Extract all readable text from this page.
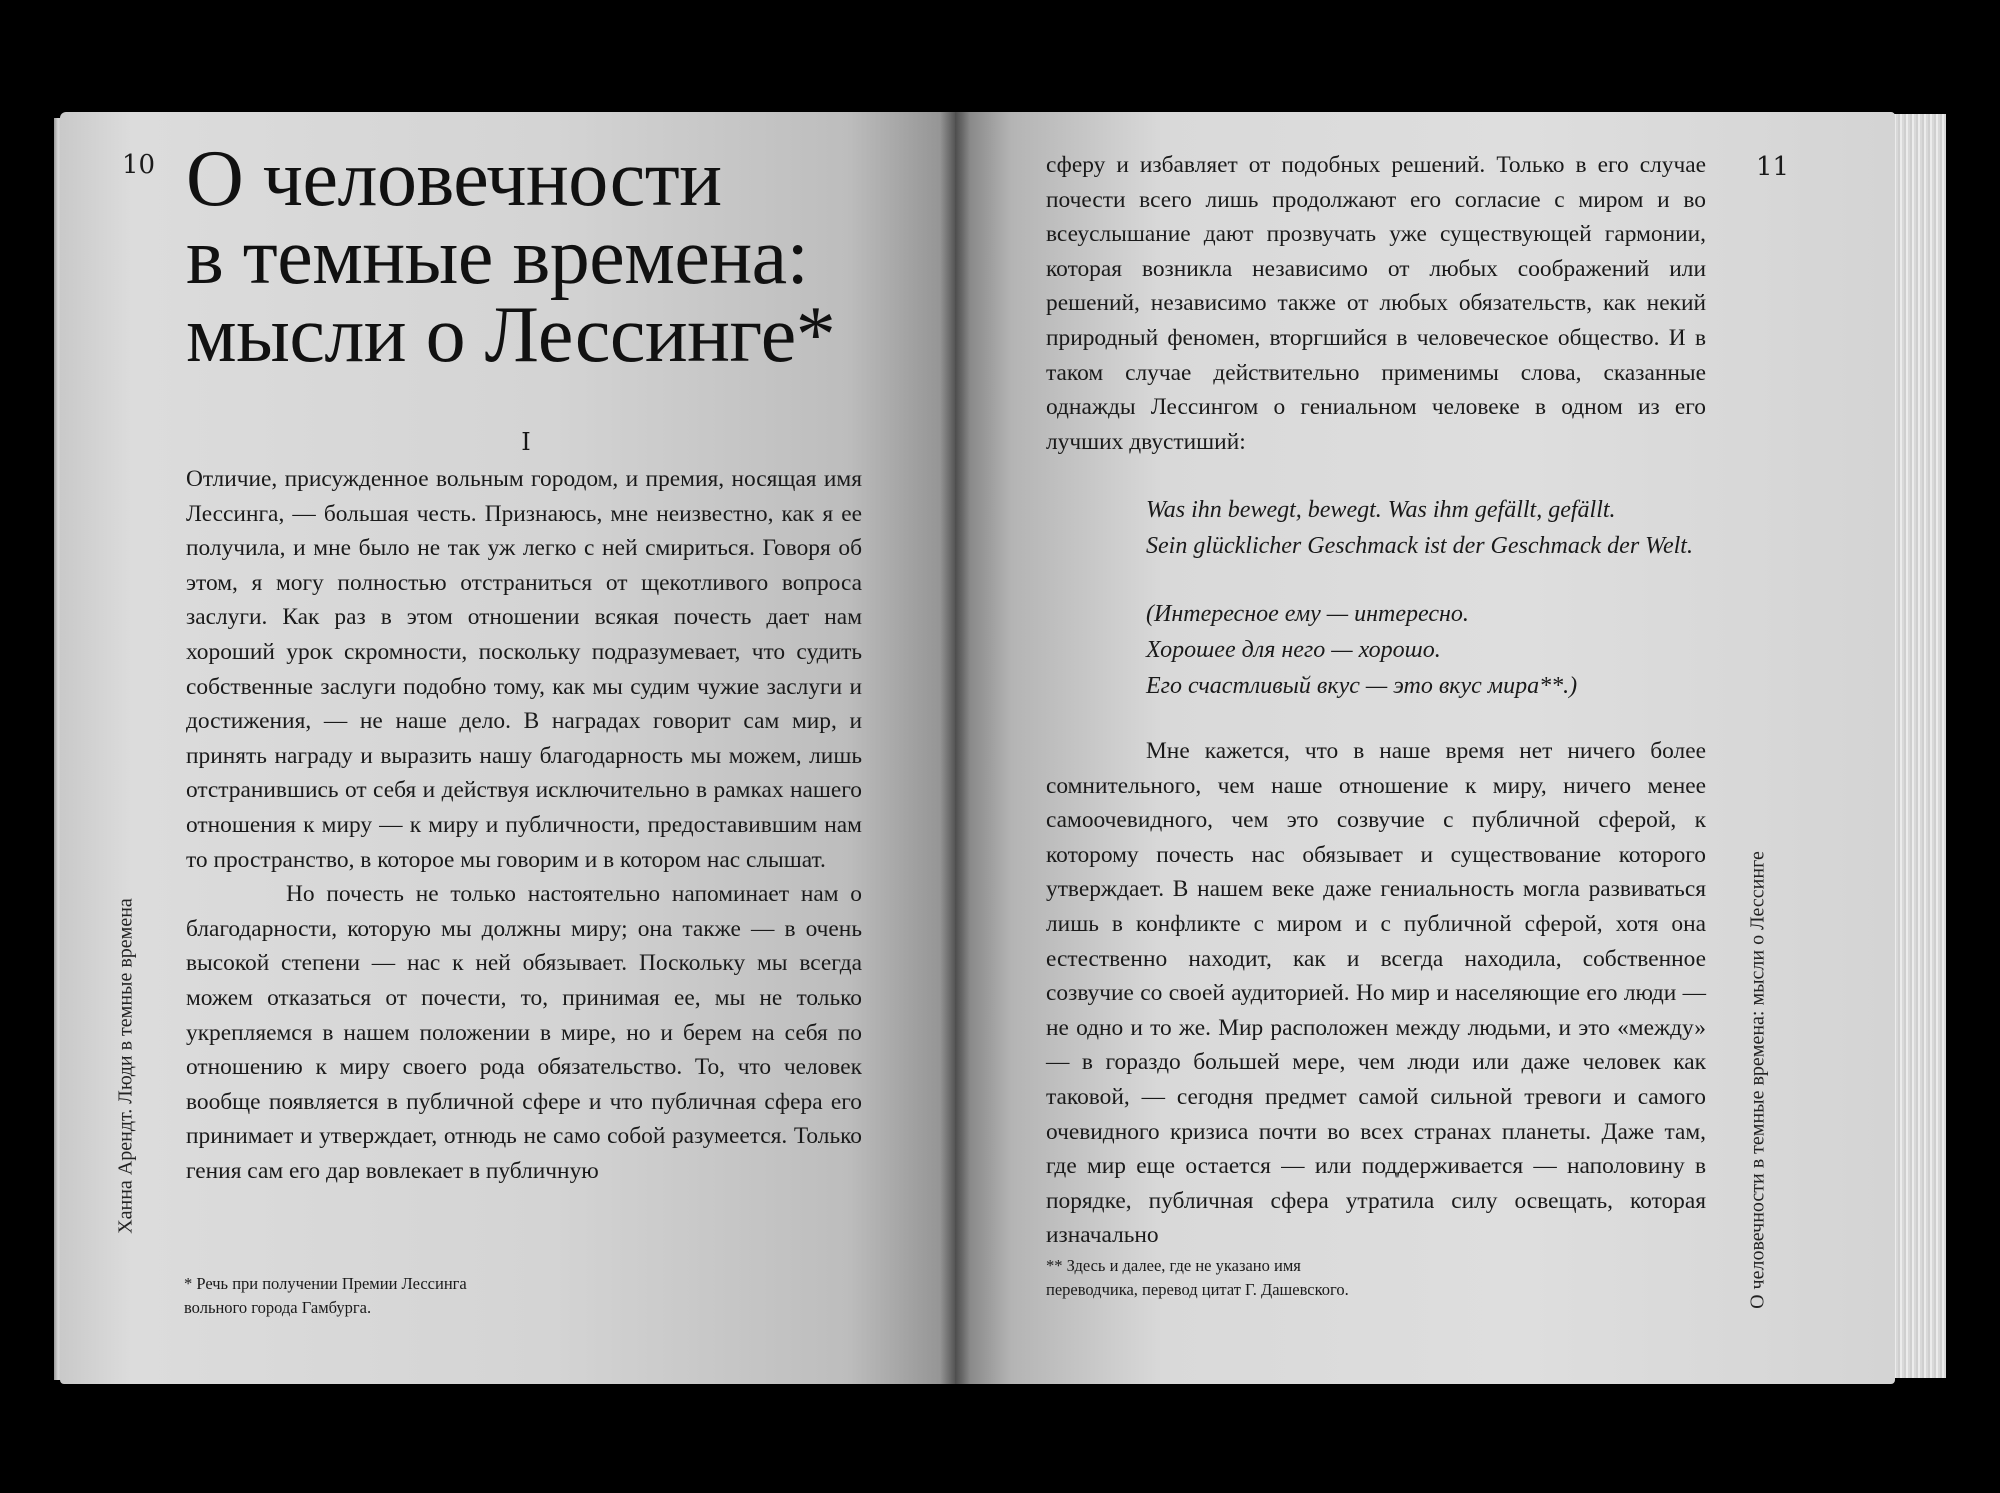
10 О человечности
в темные времена:
мысли о Лессинге*
I

Отличие, присужденное вольным городом, и премия, носящая имя Лессинга, — большая честь. Признаюсь, мне неизвестно, как я ее получила, и мне было не так уж легко с ней смириться. Говоря об этом, я могу полностью отстраниться от щекотливого вопроса заслуги. Как раз в этом отношении всякая почесть дает нам хороший урок скромности, поскольку подразумевает, что судить собственные заслуги подобно тому, как мы судим чужие заслуги и достижения, — не наше дело. В наградах говорит сам мир, и принять награду и выразить нашу благодарность мы можем, лишь отстранившись от себя и действуя исключительно в рамках нашего отношения к миру — к миру и публичности, предоставившим нам то пространство, в которое мы говорим и в котором нас слышат.

Но почесть не только настоятельно напоминает нам о благодарности, которую мы должны миру; она также — в очень высокой степени — нас к ней обязывает. Поскольку мы всегда можем отказаться от почести, то, принимая ее, мы не только укрепляемся в нашем положении в мире, но и берем на себя по отношению к миру своего рода обязательство. То, что человек вообще появляется в публичной сфере и что публичная сфера его принимает и утверждает, отнюдь не само собой разумеется. Только гения сам его дар вовлекает в публичную

* Речь при получении Премии Лессинга вольного города Гамбурга.
Ханна Арендт. Люди в темные времена
11

сферу и избавляет от подобных решений. Только в его случае почести всего лишь продолжают его согласие с миром и во всеуслышание дают прозвучать уже существующей гармонии, которая возникла независимо от любых соображений или решений, независимо также от любых обязательств, как некий природный феномен, вторгшийся в человеческое общество. И в таком случае действительно применимы слова, сказанные однажды Лессингом о гениальном человеке в одном из его лучших двустиший:

Was ihn bewegt, bewegt. Was ihm gefällt, gefällt.
Sein glücklicher Geschmack ist der Geschmack der Welt.
(Интересное ему — интересно.
Хорошее для него — хорошо.
Его счастливый вкус — это вкус мира**.)

Мне кажется, что в наше время нет ничего более сомнительного, чем наше отношение к миру, ничего менее самоочевидного, чем это созвучие с публичной сферой, к которому почесть нас обязывает и существование которого утверждает. В нашем веке даже гениальность могла развиваться лишь в конфликте с миром и с публичной сферой, хотя она естественно находит, как и всегда находила, собственное созвучие со своей аудиторией. Но мир и населяющие его люди — не одно и то же. Мир расположен между людьми, и это «между» — в гораздо большей мере, чем люди или даже человек как таковой, — сегодня предмет самой сильной тревоги и самого очевидного кризиса почти во всех странах планеты. Даже там, где мир еще остается — или поддерживается — наполовину в порядке, публичная сфера утратила силу освещать, которая изначально

** Здесь и далее, где не указано имя переводчика, перевод цитат Г. Дашевского.	О человечности в темные времена: мысли о Лессинге
